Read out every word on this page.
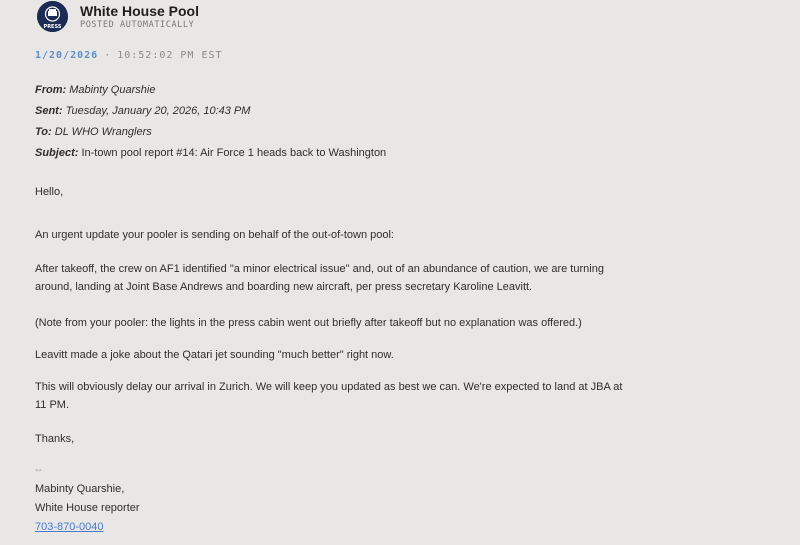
PRESS
White House Pool
POSTED AUTOMATICALLY
1/20/2026 · 10:52:02 PM EST
From: Mabinty Quarshie
Sent: Tuesday, January 20, 2026, 10:43 PM
To: DL WHO Wranglers
Subject: In-town pool report #14: Air Force 1 heads back to Washington
Hello,
An urgent update your pooler is sending on behalf of the out-of-town pool:
After takeoff, the crew on AF1 identified "a minor electrical issue" and, out of an abundance of caution, we are turning
around, landing at Joint Base Andrews and boarding new aircraft, per press secretary Karoline Leavitt.
(Note from your pooler: the lights in the press cabin went out briefly after takeoff but no explanation was offered.)
Leavitt made a joke about the Qatari jet sounding "much better" right now.
This will obviously delay our arrival in Zurich. We will keep you updated as best we can. We're expected to land at JBA at
11 PM.
Thanks,
--
Mabinty Quarshie,
White House reporter
703-870-0040
